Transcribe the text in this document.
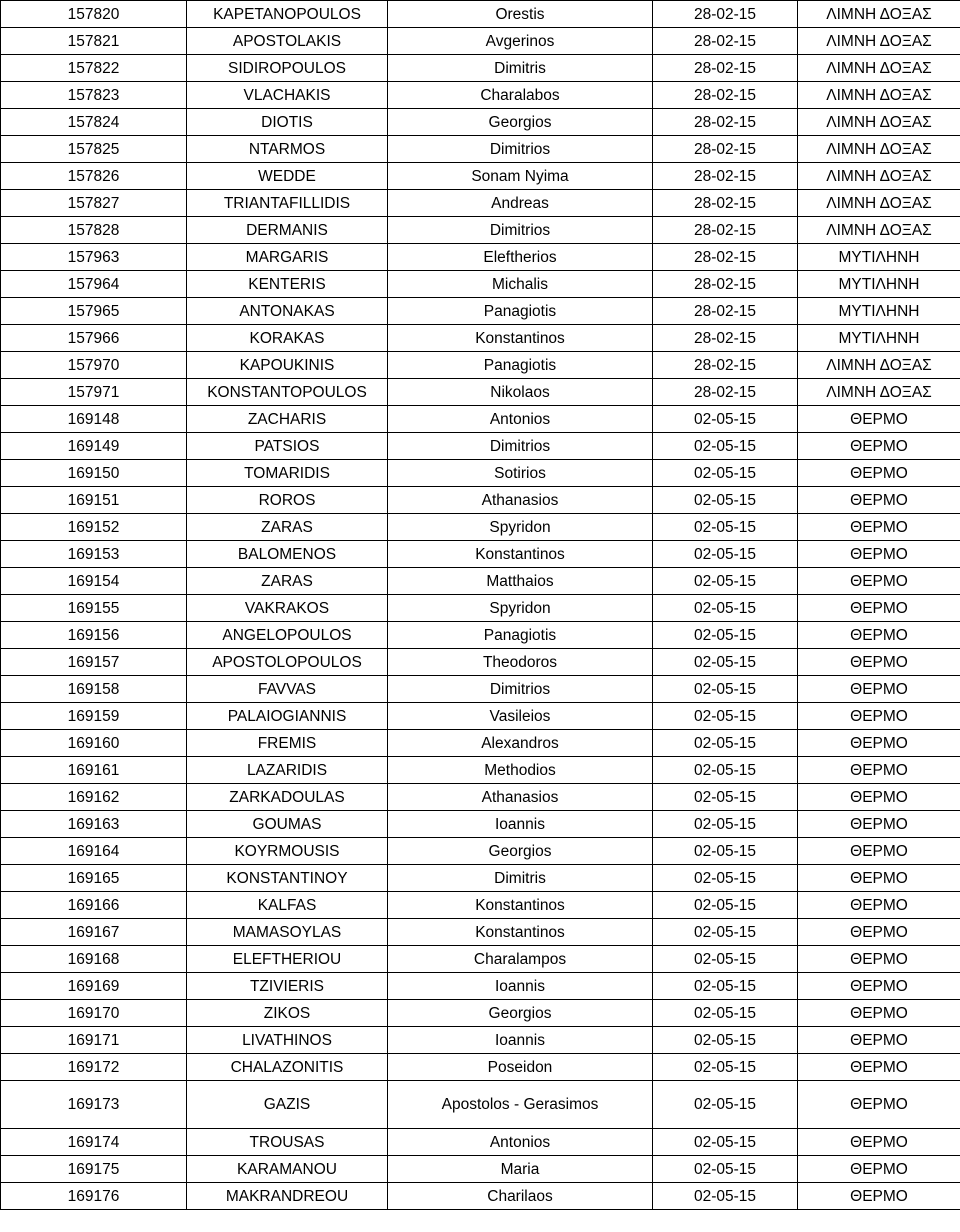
157820	KAPETANOPOULOS	Orestis	28-02-15	ΛΙΜΝΗ ΔΟΞΑΣ
157821	APOSTOLAKIS	Avgerinos	28-02-15	ΛΙΜΝΗ ΔΟΞΑΣ
157822	SIDIROPOULOS	Dimitris	28-02-15	ΛΙΜΝΗ ΔΟΞΑΣ
157823	VLACHAKIS	Charalabos	28-02-15	ΛΙΜΝΗ ΔΟΞΑΣ
157824	DIOTIS	Georgios	28-02-15	ΛΙΜΝΗ ΔΟΞΑΣ
157825	NTARMOS	Dimitrios	28-02-15	ΛΙΜΝΗ ΔΟΞΑΣ
157826	WEDDE	Sonam Nyima	28-02-15	ΛΙΜΝΗ ΔΟΞΑΣ
157827	TRIANTAFILLIDIS	Andreas	28-02-15	ΛΙΜΝΗ ΔΟΞΑΣ
157828	DERMANIS	Dimitrios	28-02-15	ΛΙΜΝΗ ΔΟΞΑΣ
157963	MARGARIS	Eleftherios	28-02-15	ΜΥΤΙΛΗΝΗ
157964	KENTERIS	Michalis	28-02-15	ΜΥΤΙΛΗΝΗ
157965	ANTONAKAS	Panagiotis	28-02-15	ΜΥΤΙΛΗΝΗ
157966	KORAKAS	Konstantinos	28-02-15	ΜΥΤΙΛΗΝΗ
157970	KAPOUKINIS	Panagiotis	28-02-15	ΛΙΜΝΗ ΔΟΞΑΣ
157971	KONSTANTOPOULOS	Nikolaos	28-02-15	ΛΙΜΝΗ ΔΟΞΑΣ
169148	ZACHARIS	Antonios	02-05-15	ΘΕΡΜΟ
169149	PATSIOS	Dimitrios	02-05-15	ΘΕΡΜΟ
169150	TOMARIDIS	Sotirios	02-05-15	ΘΕΡΜΟ
169151	ROROS	Athanasios	02-05-15	ΘΕΡΜΟ
169152	ZARAS	Spyridon	02-05-15	ΘΕΡΜΟ
169153	BALOMENOS	Konstantinos	02-05-15	ΘΕΡΜΟ
169154	ZARAS	Matthaios	02-05-15	ΘΕΡΜΟ
169155	VAKRAKOS	Spyridon	02-05-15	ΘΕΡΜΟ
169156	ANGELOPOULOS	Panagiotis	02-05-15	ΘΕΡΜΟ
169157	APOSTOLOPOULOS	Theodoros	02-05-15	ΘΕΡΜΟ
169158	FAVVAS	Dimitrios	02-05-15	ΘΕΡΜΟ
169159	PALAIOGIANNIS	Vasileios	02-05-15	ΘΕΡΜΟ
169160	FREMIS	Alexandros	02-05-15	ΘΕΡΜΟ
169161	LAZARIDIS	Methodios	02-05-15	ΘΕΡΜΟ
169162	ZARKADOULAS	Athanasios	02-05-15	ΘΕΡΜΟ
169163	GOUMAS	Ioannis	02-05-15	ΘΕΡΜΟ
169164	KOYRMOUSIS	Georgios	02-05-15	ΘΕΡΜΟ
169165	KONSTANTINOY	Dimitris	02-05-15	ΘΕΡΜΟ
169166	KALFAS	Konstantinos	02-05-15	ΘΕΡΜΟ
169167	MAMASOYLAS	Konstantinos	02-05-15	ΘΕΡΜΟ
169168	ELEFTHERIOU	Charalampos	02-05-15	ΘΕΡΜΟ
169169	TZIVIERIS	Ioannis	02-05-15	ΘΕΡΜΟ
169170	ZIKOS	Georgios	02-05-15	ΘΕΡΜΟ
169171	LIVATHINOS	Ioannis	02-05-15	ΘΕΡΜΟ
169172	CHALAZONITIS	Poseidon	02-05-15	ΘΕΡΜΟ
169173	GAZIS	Apostolos - Gerasimos	02-05-15	ΘΕΡΜΟ
169174	TROUSAS	Antonios	02-05-15	ΘΕΡΜΟ
169175	KARAMANOU	Maria	02-05-15	ΘΕΡΜΟ
169176	MAKRANDREOU	Charilaos	02-05-15	ΘΕΡΜΟ
